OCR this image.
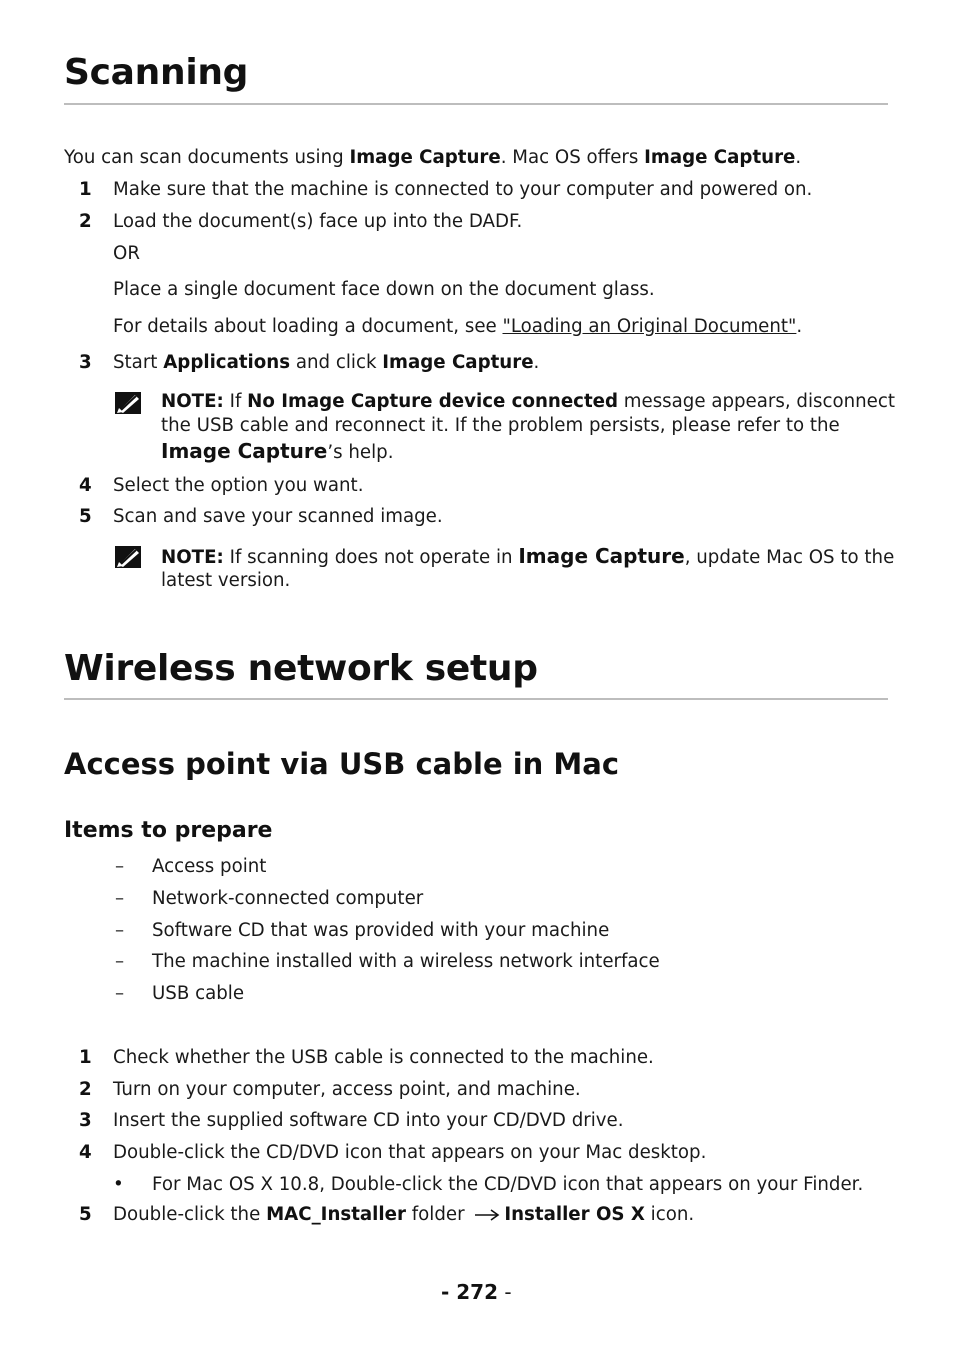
Scanning
You can scan documents using Image Capture. Mac OS offers Image Capture.
1 Make sure that the machine is connected to your computer and powered on.
2 Load the document(s) face up into the DADF.
OR
Place a single document face down on the document glass.
For details about loading a document, see "Loading an Original Document".
3 Start Applications and click Image Capture.
NOTE: If No Image Capture device connected message appears, disconnect
the USB cable and reconnect it. If the problem persists, please refer to the
Image Capture’s help.
4 Select the option you want.
5 Scan and save your scanned image.
NOTE: If scanning does not operate in Image Capture, update Mac OS to the
latest version.
Wireless network setup
Access point via USB cable in Mac
Items to prepare
– Access point
– Network-connected computer
– Software CD that was provided with your machine
– The machine installed with a wireless network interface
– USB cable
1 Check whether the USB cable is connected to the machine.
2 Turn on your computer, access point, and machine.
3 Insert the supplied software CD into your CD/DVD drive.
4 Double-click the CD/DVD icon that appears on your Mac desktop.
• For Mac OS X 10.8, Double-click the CD/DVD icon that appears on your Finder.
5 Double-click the MAC_Installer folder Installer OS X icon.
- 272 -
